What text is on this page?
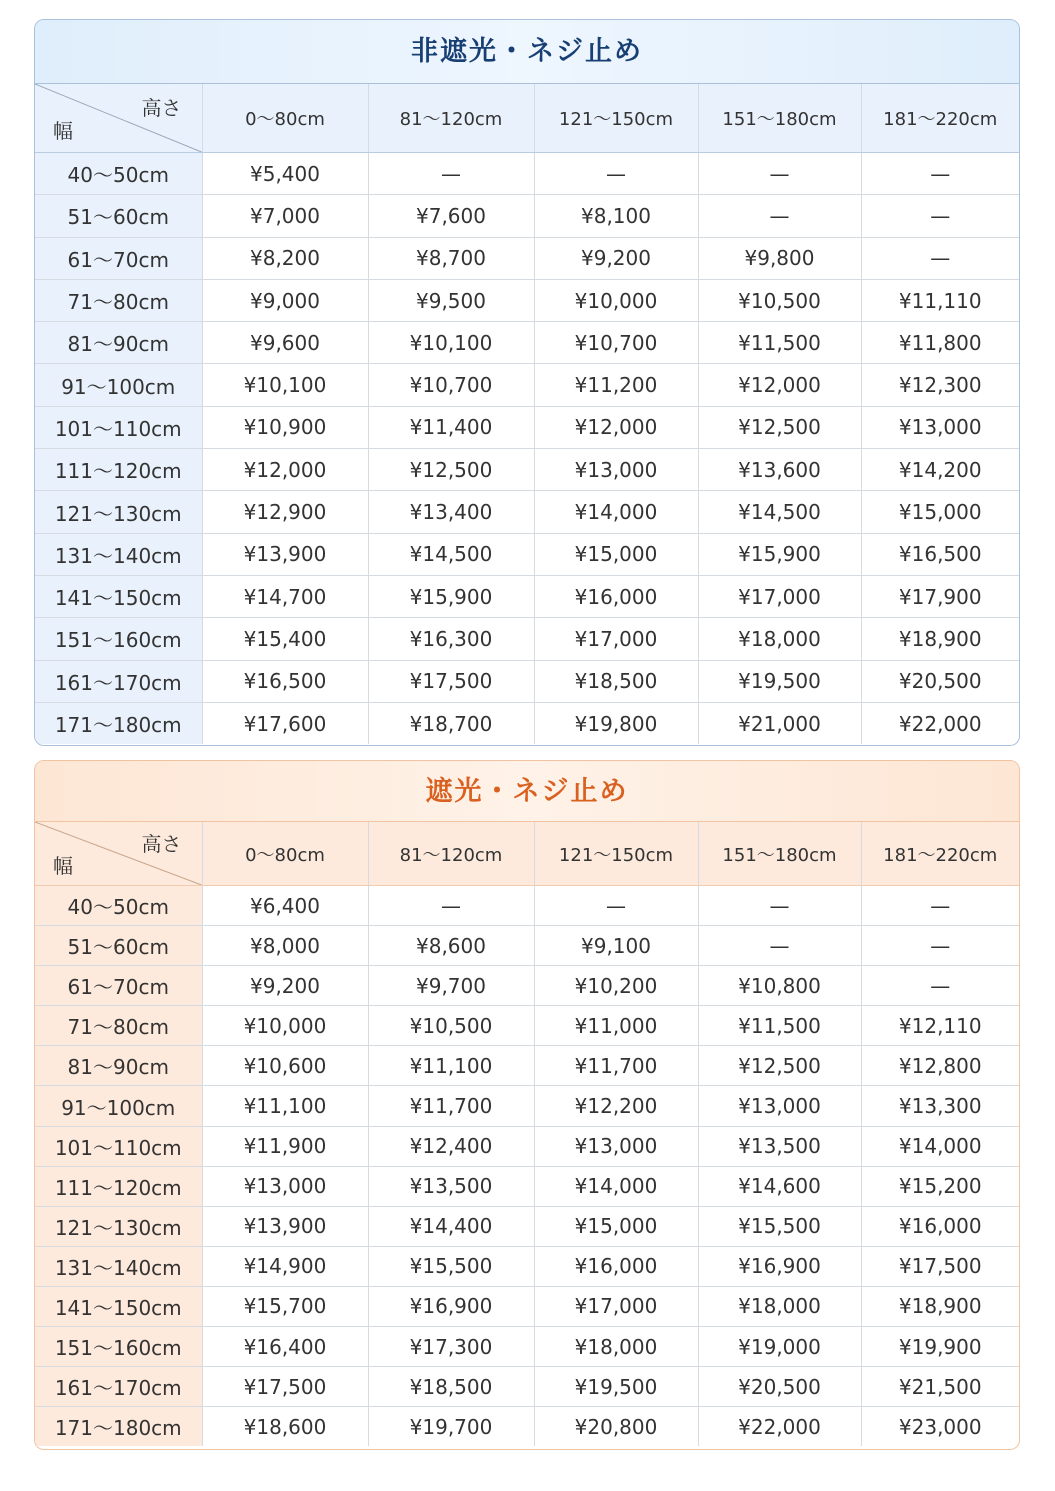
非遮光・ネジ止め
高さ
幅	0～80cm	81～120cm	121～150cm	151～180cm	181～220cm
40～50cm	¥5,400	—	—	—	—
51～60cm	¥7,000	¥7,600	¥8,100	—	—
61～70cm	¥8,200	¥8,700	¥9,200	¥9,800	—
71～80cm	¥9,000	¥9,500	¥10,000	¥10,500	¥11,110
81～90cm	¥9,600	¥10,100	¥10,700	¥11,500	¥11,800
91～100cm	¥10,100	¥10,700	¥11,200	¥12,000	¥12,300
101～110cm	¥10,900	¥11,400	¥12,000	¥12,500	¥13,000
111～120cm	¥12,000	¥12,500	¥13,000	¥13,600	¥14,200
121～130cm	¥12,900	¥13,400	¥14,000	¥14,500	¥15,000
131～140cm	¥13,900	¥14,500	¥15,000	¥15,900	¥16,500
141～150cm	¥14,700	¥15,900	¥16,000	¥17,000	¥17,900
151～160cm	¥15,400	¥16,300	¥17,000	¥18,000	¥18,900
161～170cm	¥16,500	¥17,500	¥18,500	¥19,500	¥20,500
171～180cm	¥17,600	¥18,700	¥19,800	¥21,000	¥22,000
遮光・ネジ止め
高さ
幅	0～80cm	81～120cm	121～150cm	151～180cm	181～220cm
40～50cm	¥6,400	—	—	—	—
51～60cm	¥8,000	¥8,600	¥9,100	—	—
61～70cm	¥9,200	¥9,700	¥10,200	¥10,800	—
71～80cm	¥10,000	¥10,500	¥11,000	¥11,500	¥12,110
81～90cm	¥10,600	¥11,100	¥11,700	¥12,500	¥12,800
91～100cm	¥11,100	¥11,700	¥12,200	¥13,000	¥13,300
101～110cm	¥11,900	¥12,400	¥13,000	¥13,500	¥14,000
111～120cm	¥13,000	¥13,500	¥14,000	¥14,600	¥15,200
121～130cm	¥13,900	¥14,400	¥15,000	¥15,500	¥16,000
131～140cm	¥14,900	¥15,500	¥16,000	¥16,900	¥17,500
141～150cm	¥15,700	¥16,900	¥17,000	¥18,000	¥18,900
151～160cm	¥16,400	¥17,300	¥18,000	¥19,000	¥19,900
161～170cm	¥17,500	¥18,500	¥19,500	¥20,500	¥21,500
171～180cm	¥18,600	¥19,700	¥20,800	¥22,000	¥23,000
